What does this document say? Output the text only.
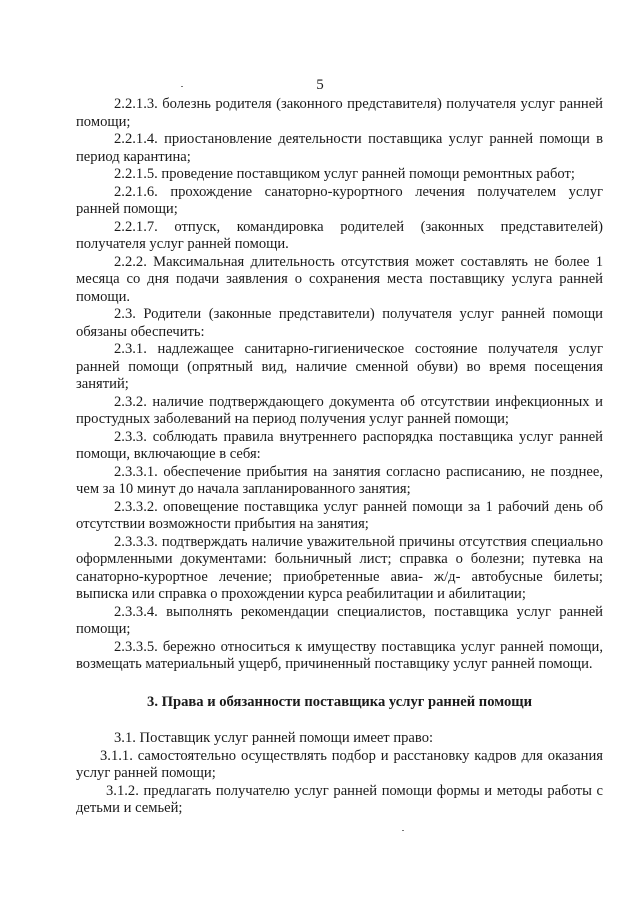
5

2.2.1.3. болезнь родителя (законного представителя) получателя услуг ранней помощи;

2.2.1.4. приостановление деятельности поставщика услуг ранней помощи в период карантина;

2.2.1.5. проведение поставщиком услуг ранней помощи ремонтных работ;

2.2.1.6. прохождение санаторно-курортного лечения получателем услуг ранней помощи;

2.2.1.7. отпуск, командировка родителей (законных представителей) получателя услуг ранней помощи.

2.2.2. Максимальная длительность отсутствия может составлять не более 1 месяца со дня подачи заявления о сохранения места поставщику услуга ранней помощи.

2.3. Родители (законные представители) получателя услуг ранней помощи обязаны обеспечить:

2.3.1. надлежащее санитарно-гигиеническое состояние получателя услуг ранней помощи (опрятный вид, наличие сменной обуви) во время посещения занятий;

2.3.2. наличие подтверждающего документа об отсутствии инфекционных и простудных заболеваний на период получения услуг ранней помощи;

2.3.3. соблюдать правила внутреннего распорядка поставщика услуг ранней помощи, включающие в себя:

2.3.3.1. обеспечение прибытия на занятия согласно расписанию, не позднее, чем за 10 минут до начала запланированного занятия;

2.3.3.2. оповещение поставщика услуг ранней помощи за 1 рабочий день об отсутствии возможности прибытия на занятия;

2.3.3.3. подтверждать наличие уважительной причины отсутствия специально оформленными документами: больничный лист; справка о болезни; путевка на санаторно-курортное лечение; приобретенные авиа- ж/д- автобусные билеты; выписка или справка о прохождении курса реабилитации и абилитации;

2.3.3.4. выполнять рекомендации специалистов, поставщика услуг ранней помощи;

2.3.3.5. бережно относиться к имуществу поставщика услуг ранней помощи, возмещать материальный ущерб, причиненный поставщику услуг ранней помощи.

3. Права и обязанности поставщика услуг ранней помощи

3.1. Поставщик услуг ранней помощи имеет право:

3.1.1. самостоятельно осуществлять подбор и расстановку кадров для оказания услуг ранней помощи;

3.1.2. предлагать получателю услуг ранней помощи формы и методы работы с детьми и семьей;
